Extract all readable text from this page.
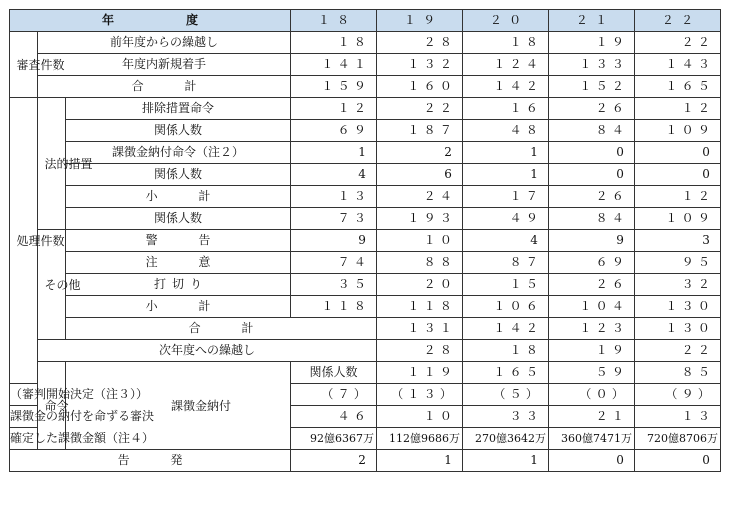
年　度			１８	１９	２０	２１	２２	

審査件数	前年度からの繰越し		１８	２８	１８	１９	２２	
	年度内新規着手		１４１	１３２	１２４	１３３	１４３	
	合　計		１５９	１６０	１４２	１５２	１６５	

処理件数	法的措置	排除措置命令	１２	２２	１６	２６	１２	
		関係人数	６９	１８７	４８	８４	１０９	
		課徴金納付命令（注２）	1	2	1	0	0	
		関係人数	4	6	1	0	0	
		小　計	１３	２４	１７	２６	１２	
		関係人数	７３	１９３	４９	８４	１０９	

	その他	警　告	9	１０	4	9	3	
		注　意	７４	８８	８７	６９	９５	
		打切り	３５	２０	１５	２６	３２	
		小　計	１１８	１１８	１０６	１０４	１３０	
		合　計		１３１	１４２	１２３	１３０	
	次年度への繰越し			２８	１８	１９	２２	

	命令	課徴金納付	関係人数	１１９	１６５	５９	８５	
（審判開始決定（注３））			（７）	（１３）	（５）	（０）	（９）	
課徴金の納付を命ずる審決			４６	１０	３３	２１	１３	
確定した課徴金額（注４）			92億6367万	112億9686万	270億3642万	360億7471万	720億8706万	
告　発			2	1	1	0	0	
